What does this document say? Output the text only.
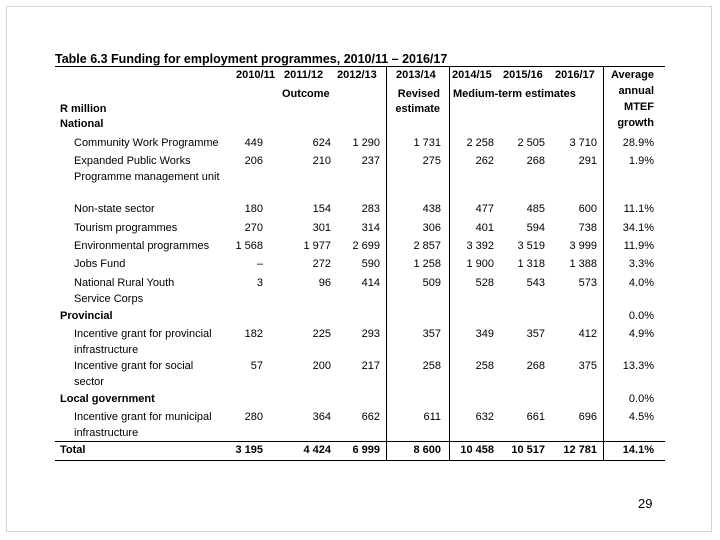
Table 6.3 Funding for employment programmes, 2010/11 – 2016/17
2010/11 2011/12 2012/13 2013/14 2014/15 2015/16 2016/17	Average
annual
MTEF
growth
Outcome	Revised
estimate
Medium-term estimates
R million
National
Community Work Programme	449	624	1 290	1 731	2 258	2 505	3 710	28.9%
Expanded Public Works
Programme management unit
206	210	237	275	262	268	291	1.9%
Non-state sector	180	154	283	438	477	485	600	11.1%
Tourism programmes	270	301	314	306	401	594	738	34.1%
Environmental programmes	1 568	1 977	2 699	2 857	3 392	3 519	3 999	11.9%
Jobs Fund	–	272	590	1 258	1 900	1 318	1 388	3.3%
National Rural Youth
Service Corps
3	96	414	509	528	543	573	4.0%
Provincial	0.0%
Incentive grant for provincial
infrastructure
182	225	293	357	349	357	412	4.9%
Incentive grant for social
sector
57	200	217	258	258	268	375	13.3%
Local government	0.0%
Incentive grant for municipal
infrastructure
280	364	662	611	632	661	696	4.5%
Total	3 195	4 424	6 999	8 600	10 458	10 517	12 781	14.1%
29
